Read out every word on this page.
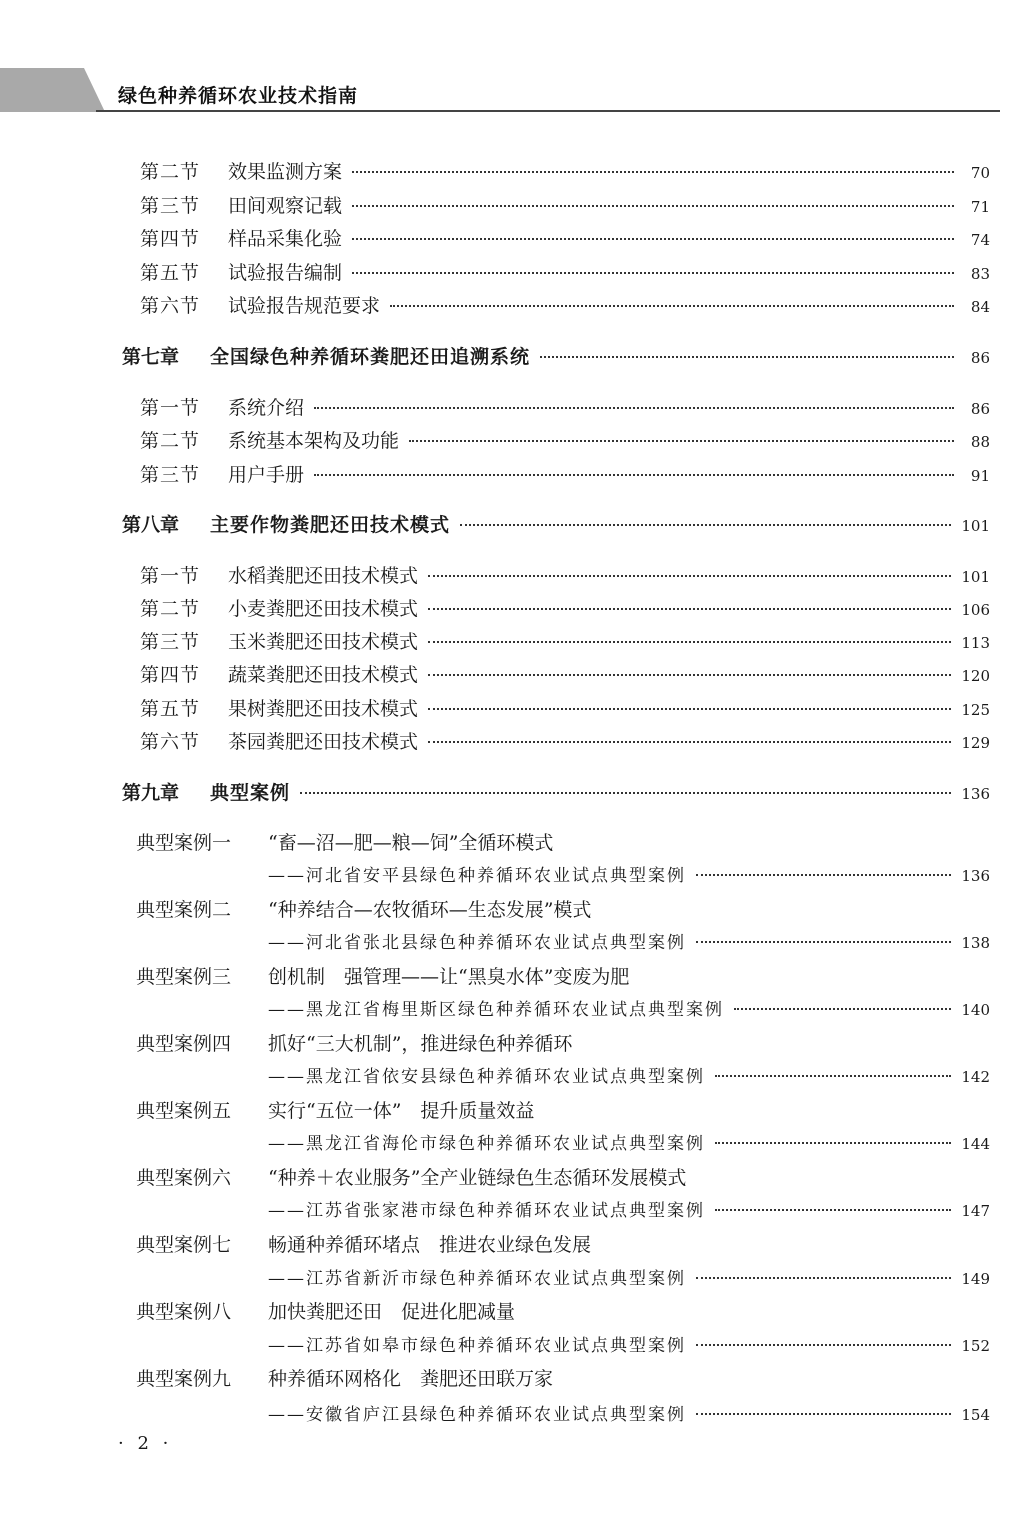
绿色种养循环农业技术指南
第二节	效果监测方案	70
第三节	田间观察记载	71
第四节	样品采集化验	74
第五节	试验报告编制	83
第六节	试验报告规范要求	84
第七章	全国绿色种养循环粪肥还田追溯系统	86
第一节	系统介绍	86
第二节	系统基本架构及功能	88
第三节	用户手册	91
第八章	主要作物粪肥还田技术模式	101
第一节	水稻粪肥还田技术模式	101
第二节	小麦粪肥还田技术模式	106
第三节	玉米粪肥还田技术模式	113
第四节	蔬菜粪肥还田技术模式	120
第五节	果树粪肥还田技术模式	125
第六节	茶园粪肥还田技术模式	129
第九章	典型案例	136
典型案例一	“畜—沼—肥—粮—饲”全循环模式
——河北省安平县绿色种养循环农业试点典型案例	136
典型案例二	“种养结合—农牧循环—生态发展”模式
——河北省张北县绿色种养循环农业试点典型案例	138
典型案例三	创机制　强管理——让“黑臭水体”变废为肥
——黑龙江省梅里斯区绿色种养循环农业试点典型案例	140
典型案例四	抓好“三大机制”，推进绿色种养循环
——黑龙江省依安县绿色种养循环农业试点典型案例	142
典型案例五	实行“五位一体”　提升质量效益
——黑龙江省海伦市绿色种养循环农业试点典型案例	144
典型案例六	“种养＋农业服务”全产业链绿色生态循环发展模式
——江苏省张家港市绿色种养循环农业试点典型案例	147
典型案例七	畅通种养循环堵点　推进农业绿色发展
——江苏省新沂市绿色种养循环农业试点典型案例	149
典型案例八	加快粪肥还田　促进化肥减量
——江苏省如皋市绿色种养循环农业试点典型案例	152
典型案例九	种养循环网格化　粪肥还田联万家
——安徽省庐江县绿色种养循环农业试点典型案例	154
· 2 ·
